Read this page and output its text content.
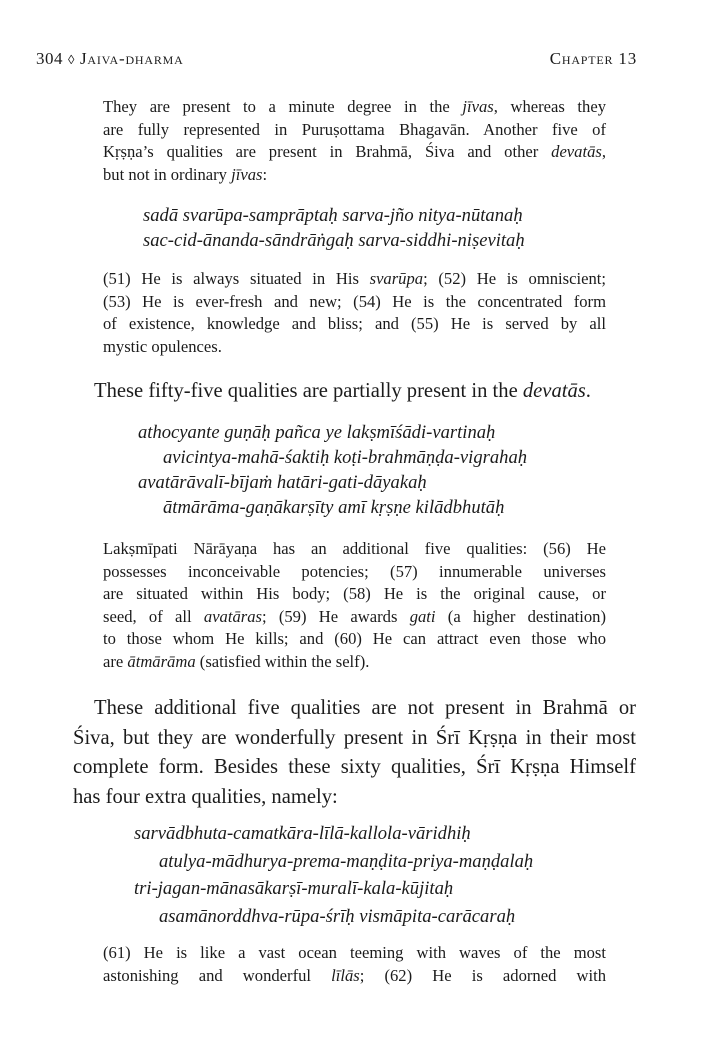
304 ◊ Jaiva-dharma	Chapter 13
They are present to a minute degree in the jīvas, whereas they
are fully represented in Puruṣottama Bhagavān. Another five of
Kṛṣṇa’s qualities are present in Brahmā, Śiva and other devatās,
but not in ordinary jīvas:
sadā svarūpa-samprāptaḥ sarva-jño nitya-nūtanaḥ
sac-cid-ānanda-sāndrāṅgaḥ sarva-siddhi-niṣevitaḥ
(51) He is always situated in His svarūpa; (52) He is omniscient;
(53) He is ever-fresh and new; (54) He is the concentrated form
of existence, knowledge and bliss; and (55) He is served by all
mystic opulences.
These fifty-five qualities are partially present in the devatās.
athocyante guṇāḥ pañca ye lakṣmīśādi-vartinaḥ
avicintya-mahā-śaktiḥ koṭi-brahmāṇḍa-vigrahaḥ
avatārāvalī-bījaṁ hatāri-gati-dāyakaḥ
ātmārāma-gaṇākarṣīty amī kṛṣṇe kilādbhutāḥ
Lakṣmīpati Nārāyaṇa has an additional five qualities: (56) He
possesses inconceivable potencies; (57) innumerable universes
are situated within His body; (58) He is the original cause, or
seed, of all avatāras; (59) He awards gati (a higher destination)
to those whom He kills; and (60) He can attract even those who
are ātmārāma (satisfied within the self).
These additional five qualities are not present in Brahmā or
Śiva, but they are wonderfully present in Śrī Kṛṣṇa in their most
complete form. Besides these sixty qualities, Śrī Kṛṣṇa Himself
has four extra qualities, namely:
sarvādbhuta-camatkāra-līlā-kallola-vāridhiḥ
atulya-mādhurya-prema-maṇḍita-priya-maṇḍalaḥ
tri-jagan-mānasākarṣī-muralī-kala-kūjitaḥ
asamānorddhva-rūpa-śrīḥ vismāpita-carācaraḥ
(61) He is like a vast ocean teeming with waves of the most
astonishing and wonderful līlās; (62) He is adorned with
